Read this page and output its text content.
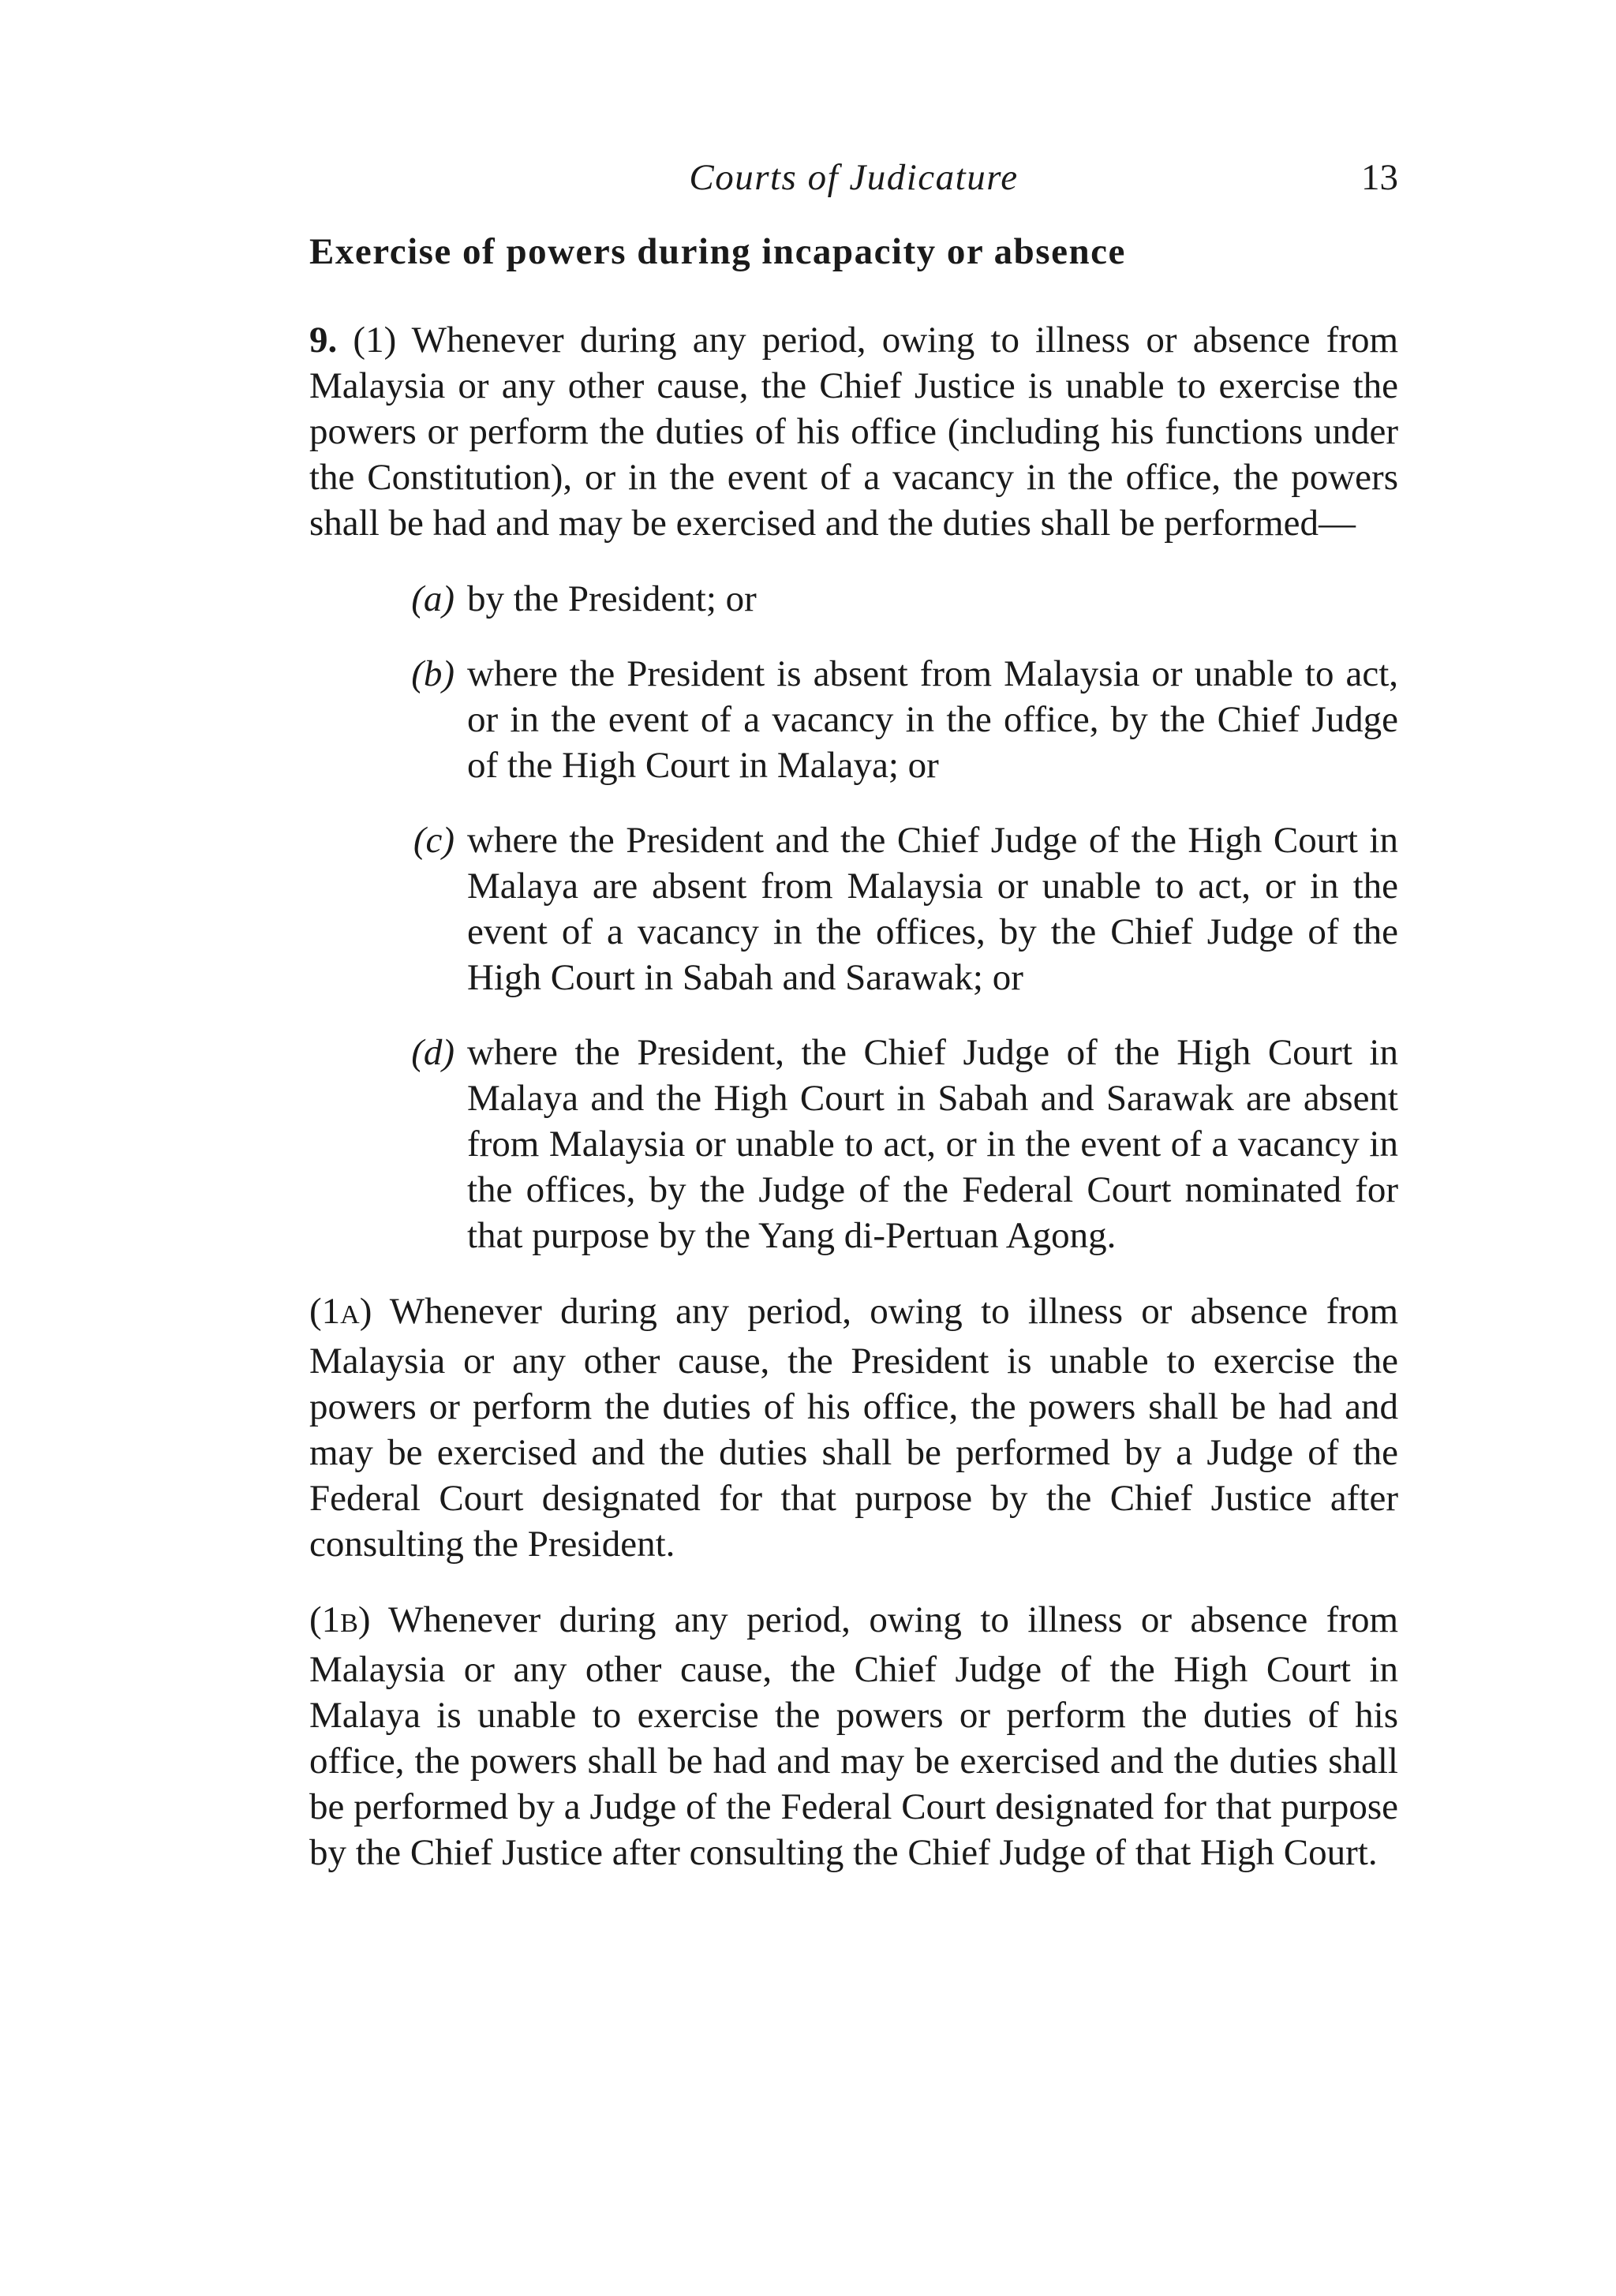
Courts of Judicature	13
Exercise of powers during incapacity or absence
9. (1) Whenever during any period, owing to illness or absence from Malaysia or any other cause, the Chief Justice is unable to exercise the powers or perform the duties of his office (including his functions under the Constitution), or in the event of a vacancy in the office, the powers shall be had and may be exercised and the duties shall be performed—
(a) by the President; or
(b) where the President is absent from Malaysia or unable to act, or in the event of a vacancy in the office, by the Chief Judge of the High Court in Malaya; or
(c) where the President and the Chief Judge of the High Court in Malaya are absent from Malaysia or unable to act, or in the event of a vacancy in the offices, by the Chief Judge of the High Court in Sabah and Sarawak; or
(d) where the President, the Chief Judge of the High Court in Malaya and the High Court in Sabah and Sarawak are absent from Malaysia or unable to act, or in the event of a vacancy in the offices, by the Judge of the Federal Court nominated for that purpose by the Yang di-Pertuan Agong.
(1A) Whenever during any period, owing to illness or absence from Malaysia or any other cause, the President is unable to exercise the powers or perform the duties of his office, the powers shall be had and may be exercised and the duties shall be performed by a Judge of the Federal Court designated for that purpose by the Chief Justice after consulting the President.
(1B) Whenever during any period, owing to illness or absence from Malaysia or any other cause, the Chief Judge of the High Court in Malaya is unable to exercise the powers or perform the duties of his office, the powers shall be had and may be exercised and the duties shall be performed by a Judge of the Federal Court designated for that purpose by the Chief Justice after consulting the Chief Judge of that High Court.
